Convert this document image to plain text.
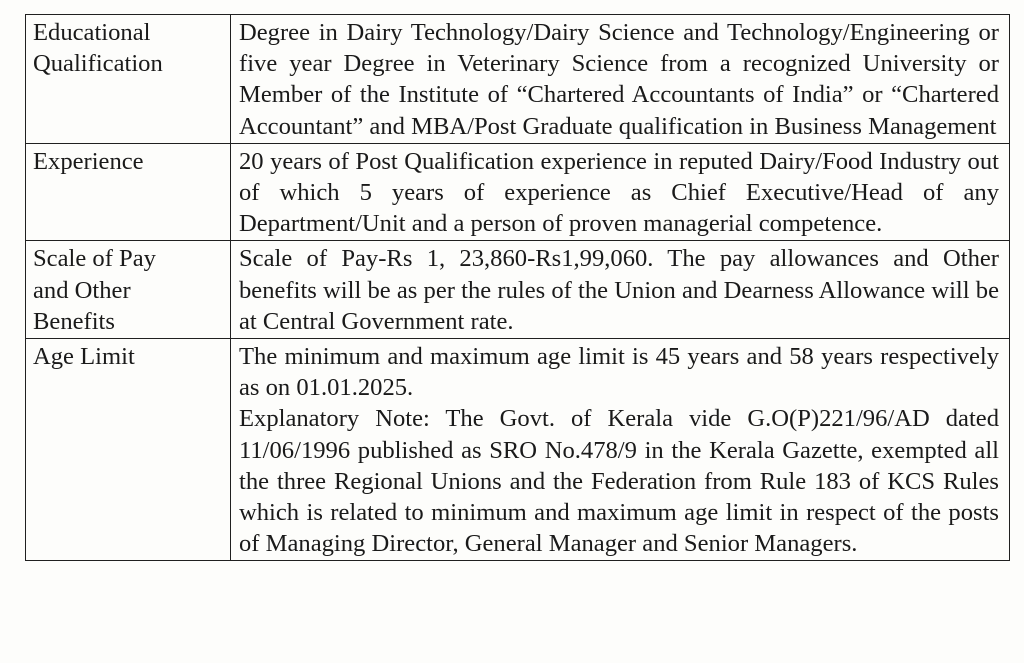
Educational
Qualification	Degree in Dairy Technology/Dairy Science and Technology/Engineering or five year Degree in Veterinary Science from a recognized University or Member of the Institute of “Chartered Accountants of India” or “Chartered Accountant” and MBA/Post Graduate qualification in Business Management

Experience	20 years of Post Qualification experience in reputed Dairy/Food Industry out of which 5 years of experience as Chief Executive/Head of any Department/Unit and a person of proven managerial competence.

Scale of Pay
and Other
Benefits	Scale of Pay-Rs 1, 23,860-Rs1,99,060. The pay allowances and Other benefits will be as per the rules of the Union and Dearness Allowance will be at Central Government rate.

Age Limit	The minimum and maximum age limit is 45 years and 58 years respectively as on 01.01.2025.
Explanatory Note: The Govt. of Kerala vide G.O(P)221/96/AD dated 11/06/1996 published as SRO No.478/9 in the Kerala Gazette, exempted all the three Regional Unions and the Federation from Rule 183 of KCS Rules which is related to minimum and maximum age limit in respect of the posts of Managing Director, General Manager and Senior Managers.
